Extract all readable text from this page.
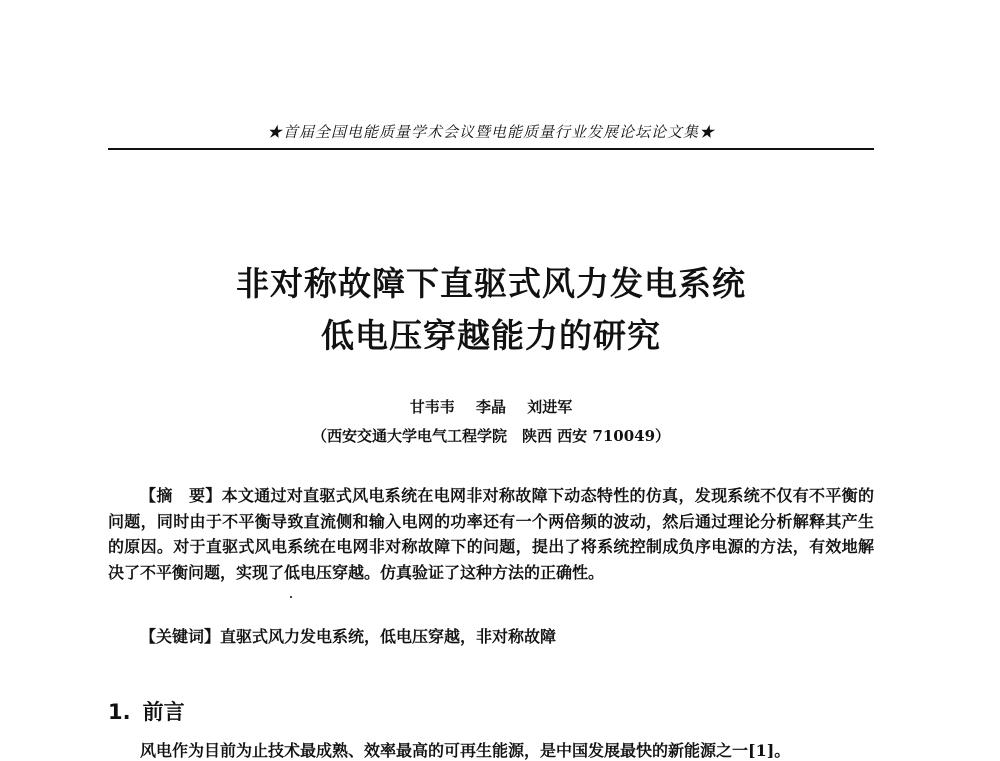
★首届全国电能质量学术会议暨电能质量行业发展论坛论文集★
非对称故障下直驱式风力发电系统
低电压穿越能力的研究
甘韦韦 李晶 刘进军
（西安交通大学电气工程学院　陕西 西安 710049）

【摘　要】本文通过对直驱式风电系统在电网非对称故障下动态特性的仿真，发现系统不仅有不平衡的问题，同时由于不平衡导致直流侧和输入电网的功率还有一个两倍频的波动，然后通过理论分析解释其产生的原因。对于直驱式风电系统在电网非对称故障下的问题，提出了将系统控制成负序电源的方法，有效地解决了不平衡问题，实现了低电压穿越。仿真验证了这种方法的正确性。

【关键词】直驱式风力发电系统，低电压穿越，非对称故障
1. 前言
风电作为目前为止技术最成熟、效率最高的可再生能源，是中国发展最快的新能源之一[1]。
